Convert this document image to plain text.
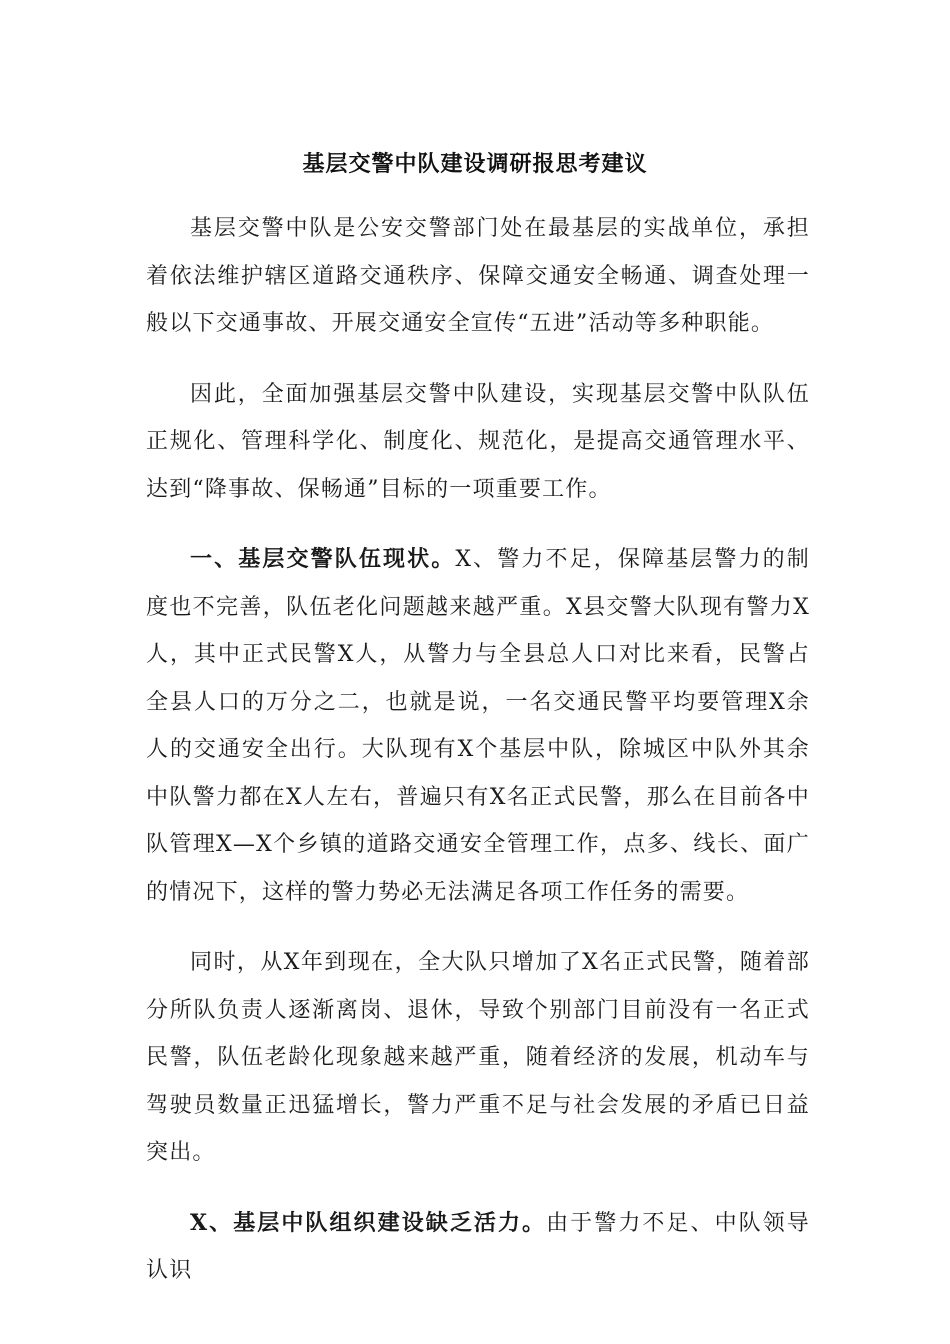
基层交警中队建设调研报思考建议

基层交警中队是公安交警部门处在最基层的实战单位，承担着依法维护辖区道路交通秩序、保障交通安全畅通、调查处理一般以下交通事故、开展交通安全宣传“五进”活动等多种职能。

因此，全面加强基层交警中队建设，实现基层交警中队队伍正规化、管理科学化、制度化、规范化，是提高交通管理水平、达到“降事故、保畅通”目标的一项重要工作。

一、基层交警队伍现状。X、警力不足，保障基层警力的制度也不完善，队伍老化问题越来越严重。X县交警大队现有警力X人，其中正式民警X人，从警力与全县总人口对比来看，民警占全县人口的万分之二，也就是说，一名交通民警平均要管理X余人的交通安全出行。大队现有X个基层中队，除城区中队外其余中队警力都在X人左右，普遍只有X名正式民警，那么在目前各中队管理X—X个乡镇的道路交通安全管理工作，点多、线长、面广的情况下，这样的警力势必无法满足各项工作任务的需要。

同时，从X年到现在，全大队只增加了X名正式民警，随着部分所队负责人逐渐离岗、退休，导致个别部门目前没有一名正式民警，队伍老龄化现象越来越严重，随着经济的发展，机动车与驾驶员数量正迅猛增长，警力严重不足与社会发展的矛盾已日益突出。

X、基层中队组织建设缺乏活力。由于警力不足、中队领导认识
